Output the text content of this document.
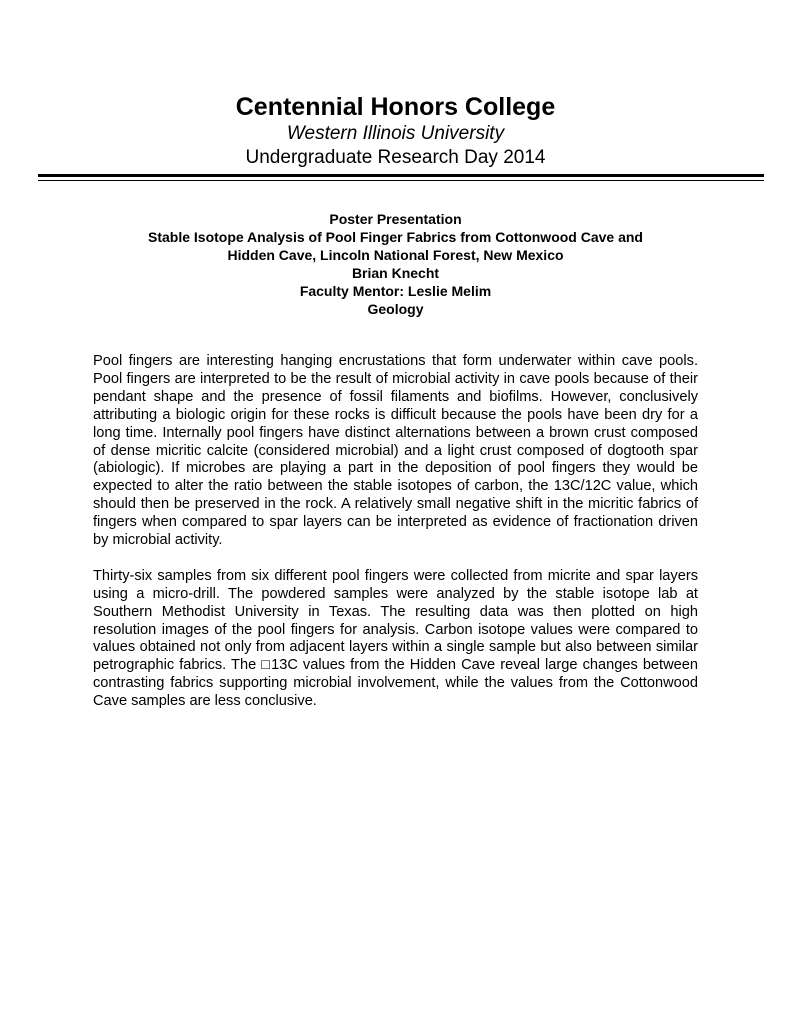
Centennial Honors College
Western Illinois University
Undergraduate Research Day 2014
Poster Presentation
Stable Isotope Analysis of Pool Finger Fabrics from Cottonwood Cave and
Hidden Cave, Lincoln National Forest, New Mexico
Brian Knecht
Faculty Mentor: Leslie Melim
Geology

Pool fingers are interesting hanging encrustations that form underwater within cave pools. Pool fingers are interpreted to be the result of microbial activity in cave pools because of their pendant shape and the presence of fossil filaments and biofilms. However, conclusively attributing a biologic origin for these rocks is difficult because the pools have been dry for a long time. Internally pool fingers have distinct alternations between a brown crust composed of dense micritic calcite (considered microbial) and a light crust composed of dogtooth spar (abiologic). If microbes are playing a part in the deposition of pool fingers they would be expected to alter the ratio between the stable isotopes of carbon, the 13C/12C value, which should then be preserved in the rock. A relatively small negative shift in the micritic fabrics of fingers when compared to spar layers can be interpreted as evidence of fractionation driven by microbial activity.

Thirty-six samples from six different pool fingers were collected from micrite and spar layers using a micro-drill. The powdered samples were analyzed by the stable isotope lab at Southern Methodist University in Texas. The resulting data was then plotted on high resolution images of the pool fingers for analysis. Carbon isotope values were compared to values obtained not only from adjacent layers within a single sample but also between similar petrographic fabrics. The □13C values from the Hidden Cave reveal large changes between contrasting fabrics supporting microbial involvement, while the values from the Cottonwood Cave samples are less conclusive.
